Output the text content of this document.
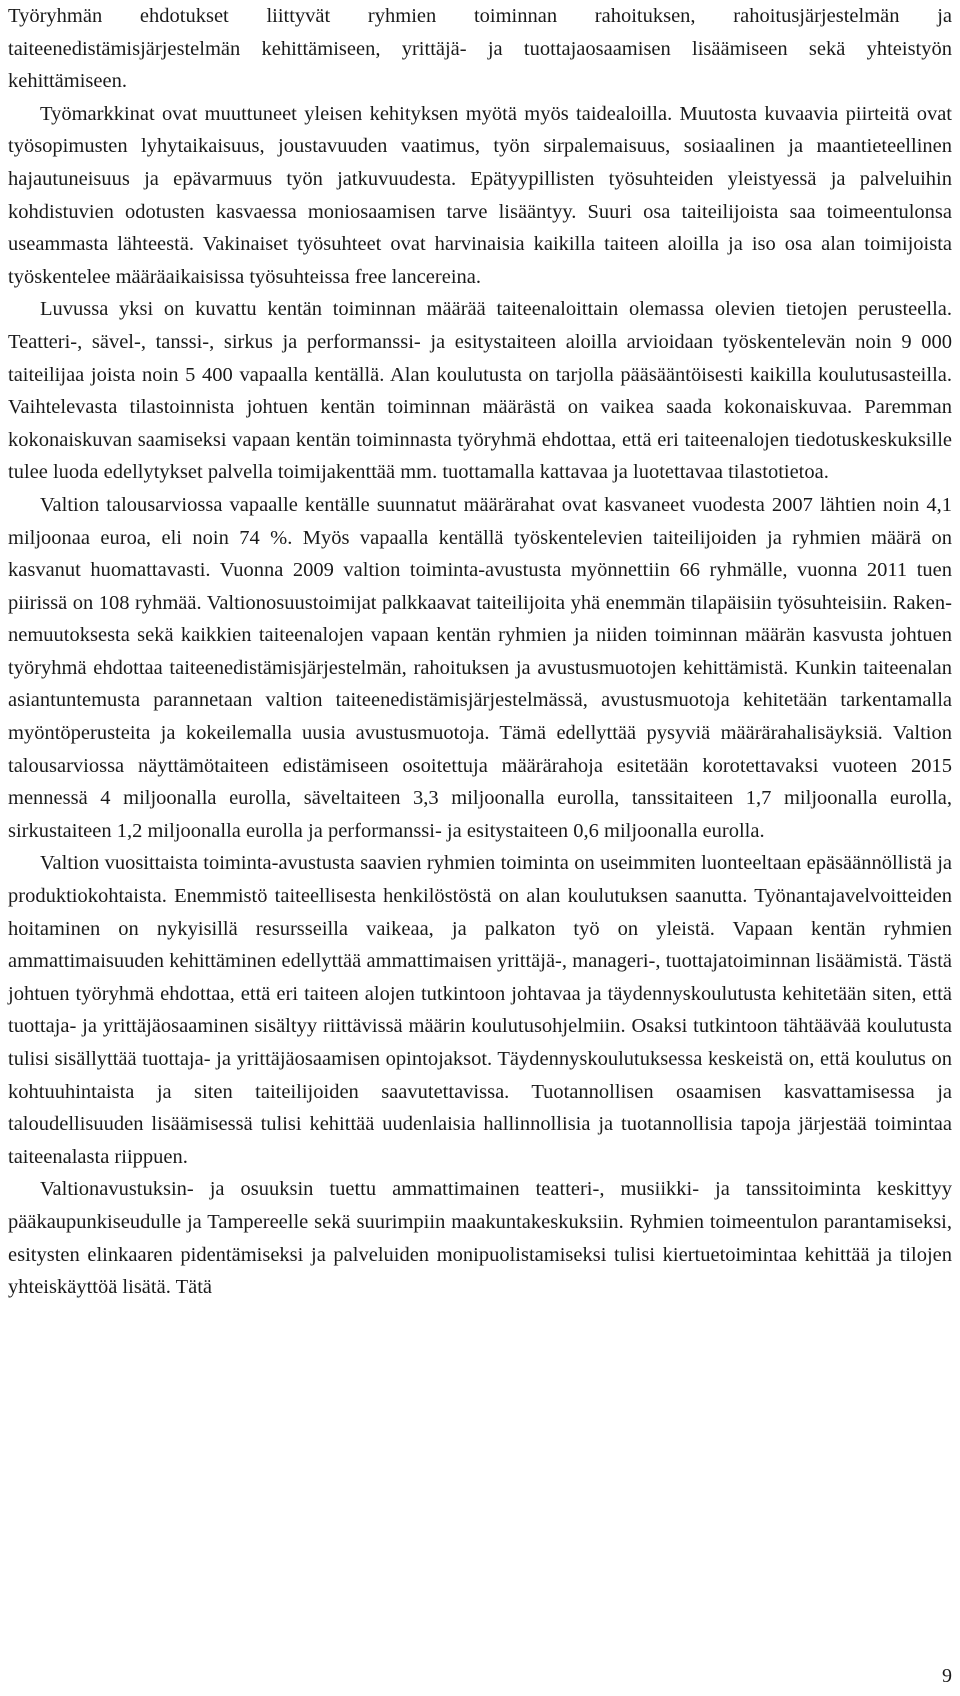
Työryhmän ehdotukset liittyvät ryhmien toiminnan rahoituksen, rahoitusjärjestelmän ja taiteenedistämisjärjestelmän kehittämiseen, yrittäjä- ja tuottajaosaamisen lisäämiseen sekä yhteistyön kehittämiseen.

Työmarkkinat ovat muuttuneet yleisen kehityksen myötä myös taidealoilla. Muutosta kuvaavia piirteitä ovat työsopimusten lyhytaikaisuus, joustavuuden vaatimus, työn sirpalemaisuus, sosiaalinen ja maantieteellinen hajautuneisuus ja epävarmuus työn jatkuvuudesta. Epätyypillisten työsuhteiden yleistyessä ja palveluihin kohdistuvien odotusten kasvaessa moniosaamisen tarve lisääntyy. Suuri osa taiteilijoista saa toimeentulonsa useammasta lähteestä. Vakinaiset työsuhteet ovat harvinaisia kaikilla taiteen aloilla ja iso osa alan toimijoista työskentelee määräaikaisissa työsuhteissa free lancereina.

Luvussa yksi on kuvattu kentän toiminnan määrää taiteenaloittain olemassa olevien tietojen perusteella. Teatteri-, sävel-, tanssi-, sirkus ja performanssi- ja esitystaiteen aloilla arvioidaan työskentelevän noin 9 000 taiteilijaa joista noin 5 400 vapaalla kentällä. Alan koulutusta on tarjolla pääsääntöisesti kaikilla koulutusasteilla. Vaihtelevasta tilastoinnista johtuen kentän toiminnan määrästä on vaikea saada kokonaiskuvaa. Paremman kokonaiskuvan saamiseksi vapaan kentän toiminnasta työryhmä ehdottaa, että eri taiteenalojen tiedotuskeskuksille tulee luoda edellytykset palvella toimijakenttää mm. tuottamalla kattavaa ja luotettavaa tilastotietoa.

Valtion talousarviossa vapaalle kentälle suunnatut määrärahat ovat kasvaneet vuodesta 2007 lähtien noin 4,1 miljoonaa euroa, eli noin 74 %. Myös vapaalla kentällä työskentelevien taiteilijoiden ja ryhmien määrä on kasvanut huomattavasti. Vuonna 2009 valtion toiminta-avustusta myönnettiin 66 ryhmälle, vuonna 2011 tuen piirissä on 108 ryhmää. Valtionosuustoimijat palkkaavat taiteilijoita yhä enemmän tilapäisiin työsuhteisiin. Rakennemuutoksesta sekä kaikkien taiteenalojen vapaan kentän ryhmien ja niiden toiminnan määrän kasvusta johtuen työryhmä ehdottaa taiteenedistämisjärjestelmän, rahoituksen ja avustusmuotojen kehittämistä. Kunkin taiteenalan asiantuntemusta parannetaan valtion taiteenedistämisjärjestelmässä, avustusmuotoja kehitetään tarkentamalla myöntöperusteita ja kokeilemalla uusia avustusmuotoja. Tämä edellyttää pysyviä määrärahalisäyksiä. Valtion talousarviossa näyttämötaiteen edistämiseen osoitettuja määrärahoja esitetään korotettavaksi vuoteen 2015 mennessä 4 miljoonalla eurolla, säveltaiteen 3,3 miljoonalla eurolla, tanssitaiteen 1,7 miljoonalla eurolla, sirkustaiteen 1,2 miljoonalla eurolla ja performanssi- ja esitystaiteen 0,6 miljoonalla eurolla.

Valtion vuosittaista toiminta-avustusta saavien ryhmien toiminta on useimmiten luonteeltaan epäsäännöllistä ja produktiokohtaista. Enemmistö taiteellisesta henkilöstöstä on alan koulutuksen saanutta. Työnantajavelvoitteiden hoitaminen on nykyisillä resursseilla vaikeaa, ja palkaton työ on yleistä. Vapaan kentän ryhmien ammattimaisuuden kehittäminen edellyttää ammattimaisen yrittäjä-, manageri-, tuottajatoiminnan lisäämistä. Tästä johtuen työryhmä ehdottaa, että eri taiteen alojen tutkintoon johtavaa ja täydennyskoulutusta kehitetään siten, että tuottaja- ja yrittäjäosaaminen sisältyy riittävissä määrin koulutusohjelmiin. Osaksi tutkintoon tähtäävää koulutusta tulisi sisällyttää tuottaja- ja yrittäjäosaamisen opintojaksot. Täydennyskoulutuksessa keskeistä on, että koulutus on kohtuuhintaista ja siten taiteilijoiden saavutettavissa. Tuotannollisen osaamisen kasvattamisessa ja taloudellisuuden lisäämisessä tulisi kehittää uudenlaisia hallinnollisia ja tuotannollisia tapoja järjestää toimintaa taiteenalasta riippuen.

Valtionavustuksin- ja osuuksin tuettu ammattimainen teatteri-, musiikki- ja tanssitoiminta keskittyy pääkaupunkiseudulle ja Tampereelle sekä suurimpiin maakuntakeskuksiin. Ryhmien toimeentulon parantamiseksi, esitysten elinkaaren pidentämiseksi ja palveluiden monipuolistamiseksi tulisi kiertuetoimintaa kehittää ja tilojen yhteiskäyttöä lisätä. Tätä

9
